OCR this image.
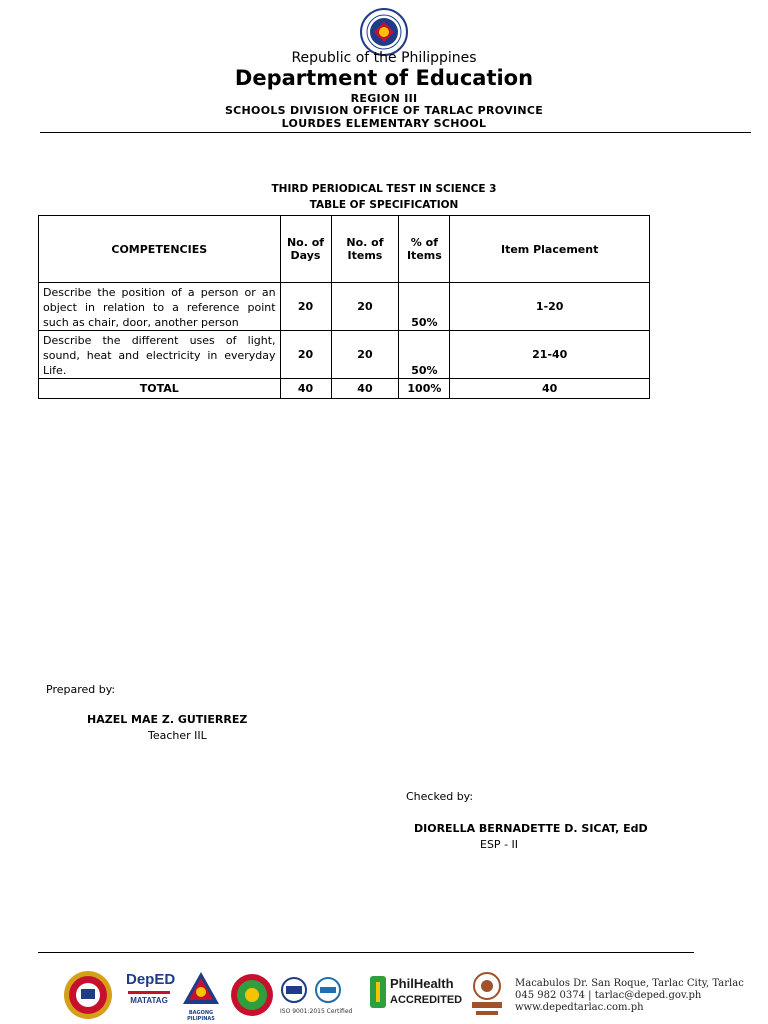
Republic of the Philippines
Department of Education
REGION III
SCHOOLS DIVISION OFFICE OF TARLAC PROVINCE
LOURDES ELEMENTARY SCHOOL
THIRD PERIODICAL TEST IN SCIENCE 3
TABLE OF SPECIFICATION
COMPETENCIES	No. of Days	No. of Items	% of Items	Item Placement
Describe the position of a person or an object in relation to a reference point such as chair, door, another person	20	20	50%	1-20
Describe the different uses of light, sound, heat and electricity in everyday Life.	20	20	50%	21-40
TOTAL	40	40	100%	40
Prepared by:
HAZEL MAE Z. GUTIERREZ
Teacher IIL
Checked by:
DIORELLA BERNADETTE D. SICAT, EdD
ESP - II
DepED
MATATAG
BAGONG PILIPINAS
ISO 9001:2015 Certified
PhilHealth
ACCREDITED
Macabulos Dr. San Roque, Tarlac City, Tarlac
045 982 0374 | tarlac@deped.gov.ph
www.depedtarlac.com.ph
